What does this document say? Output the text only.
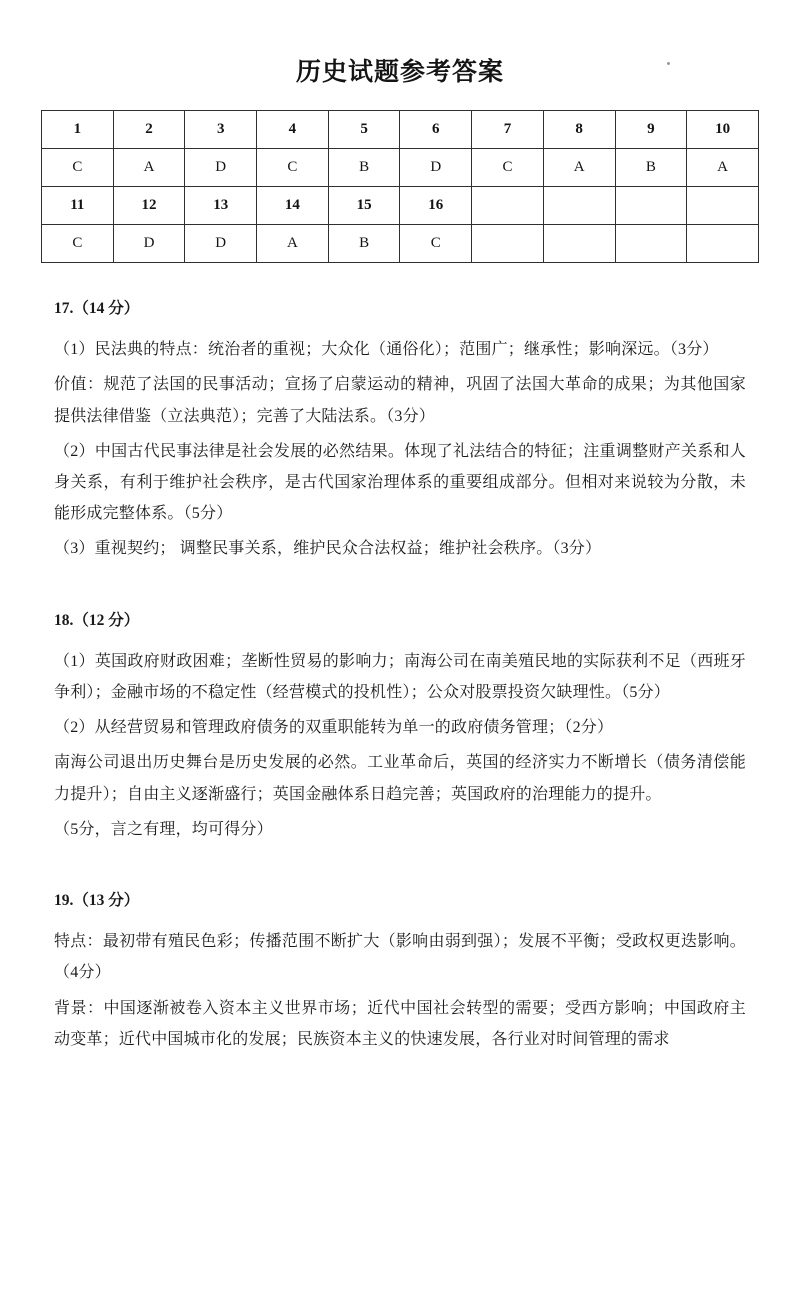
历史试题参考答案
1	2	3	4	5	6	7	8	9	10
C	A	D	C	B	D	C	A	B	A
11	12	13	14	15	16				
C	D	D	A	B	C				

17.（14 分）

（1）民法典的特点：统治者的重视；大众化（通俗化）；范围广；继承性；影响深远。（3分）

价值：规范了法国的民事活动；宣扬了启蒙运动的精神，巩固了法国大革命的成果；为其他国家提供法律借鉴（立法典范）；完善了大陆法系。（3分）

（2）中国古代民事法律是社会发展的必然结果。体现了礼法结合的特征；注重调整财产关系和人身关系，有利于维护社会秩序，是古代国家治理体系的重要组成部分。但相对来说较为分散，未能形成完整体系。（5分）

（3）重视契约； 调整民事关系，维护民众合法权益；维护社会秩序。（3分）

18.（12 分）

（1）英国政府财政困难；垄断性贸易的影响力；南海公司在南美殖民地的实际获利不足（西班牙争利）；金融市场的不稳定性（经营模式的投机性）；公众对股票投资欠缺理性。（5分）

（2）从经营贸易和管理政府债务的双重职能转为单一的政府债务管理；（2分）

南海公司退出历史舞台是历史发展的必然。工业革命后，英国的经济实力不断增长（债务清偿能力提升）；自由主义逐渐盛行；英国金融体系日趋完善；英国政府的治理能力的提升。

（5分，言之有理，均可得分）

19.（13 分）

特点：最初带有殖民色彩；传播范围不断扩大（影响由弱到强）；发展不平衡；受政权更迭影响。（4分）

背景：中国逐渐被卷入资本主义世界市场；近代中国社会转型的需要；受西方影响；中国政府主动变革；近代中国城市化的发展；民族资本主义的快速发展，各行业对时间管理的需求
